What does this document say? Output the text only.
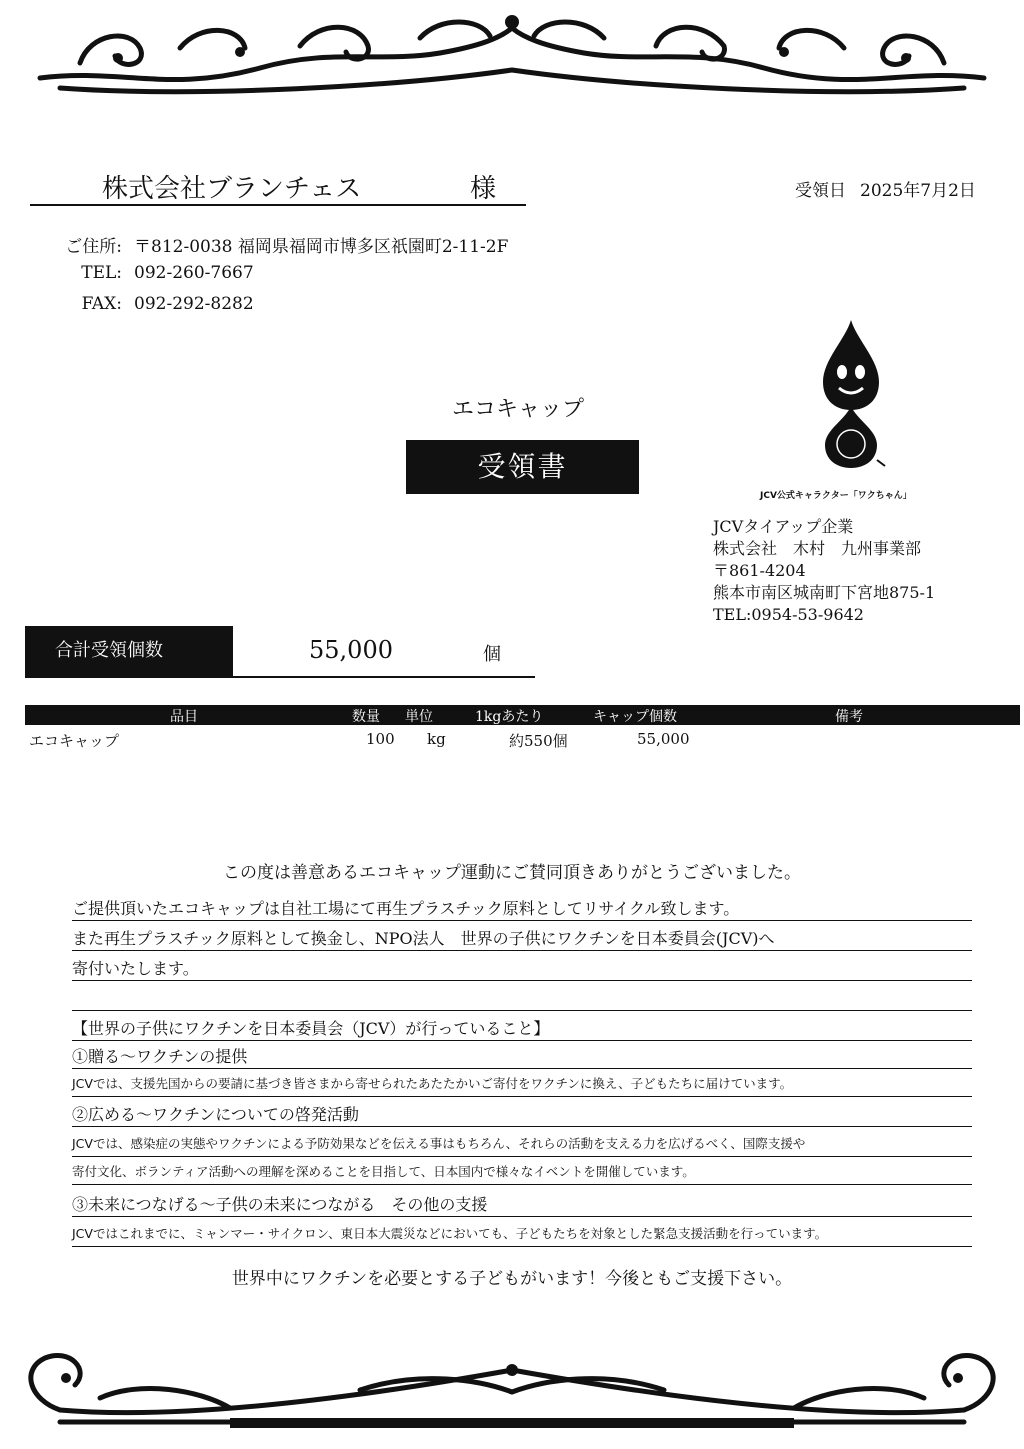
株式会社ブランチェス	様	受領日 2025年7月2日
ご住所: 〒812-0038 福岡県福岡市博多区祇園町2-11-2F
TEL: 092-260-7667
FAX: 092-292-8282
エコキャップ
受領書
JCV公式キャラクター「ワクちゃん」
JCVタイアップ企業
株式会社　木村　九州事業部
〒861-4204
熊本市南区城南町下宮地875-1
TEL:0954-53-9642
合計受領個数	55,000	個
品目	数量 単位	1kgあたり	キャップ個数	備考
エコキャップ	100 kg	約550個	55,000
この度は善意あるエコキャップ運動にご賛同頂きありがとうございました。
ご提供頂いたエコキャップは自社工場にて再生プラスチック原料としてリサイクル致します。
また再生プラスチック原料として換金し、NPO法人　世界の子供にワクチンを日本委員会(JCV)へ
寄付いたします。
【世界の子供にワクチンを日本委員会（JCV）が行っていること】
①贈る～ワクチンの提供
JCVでは、支援先国からの要請に基づき皆さまから寄せられたあたたかいご寄付をワクチンに換え、子どもたちに届けています。
②広める～ワクチンについての啓発活動
JCVでは、感染症の実態やワクチンによる予防効果などを伝える事はもちろん、それらの活動を支える力を広げるべく、国際支援や
寄付文化、ボランティア活動への理解を深めることを目指して、日本国内で様々なイベントを開催しています。
③未来につなげる～子供の未来につながる　その他の支援
JCVではこれまでに、ミャンマー・サイクロン、東日本大震災などにおいても、子どもたちを対象とした緊急支援活動を行っています。
世界中にワクチンを必要とする子どもがいます！今後ともご支援下さい。
